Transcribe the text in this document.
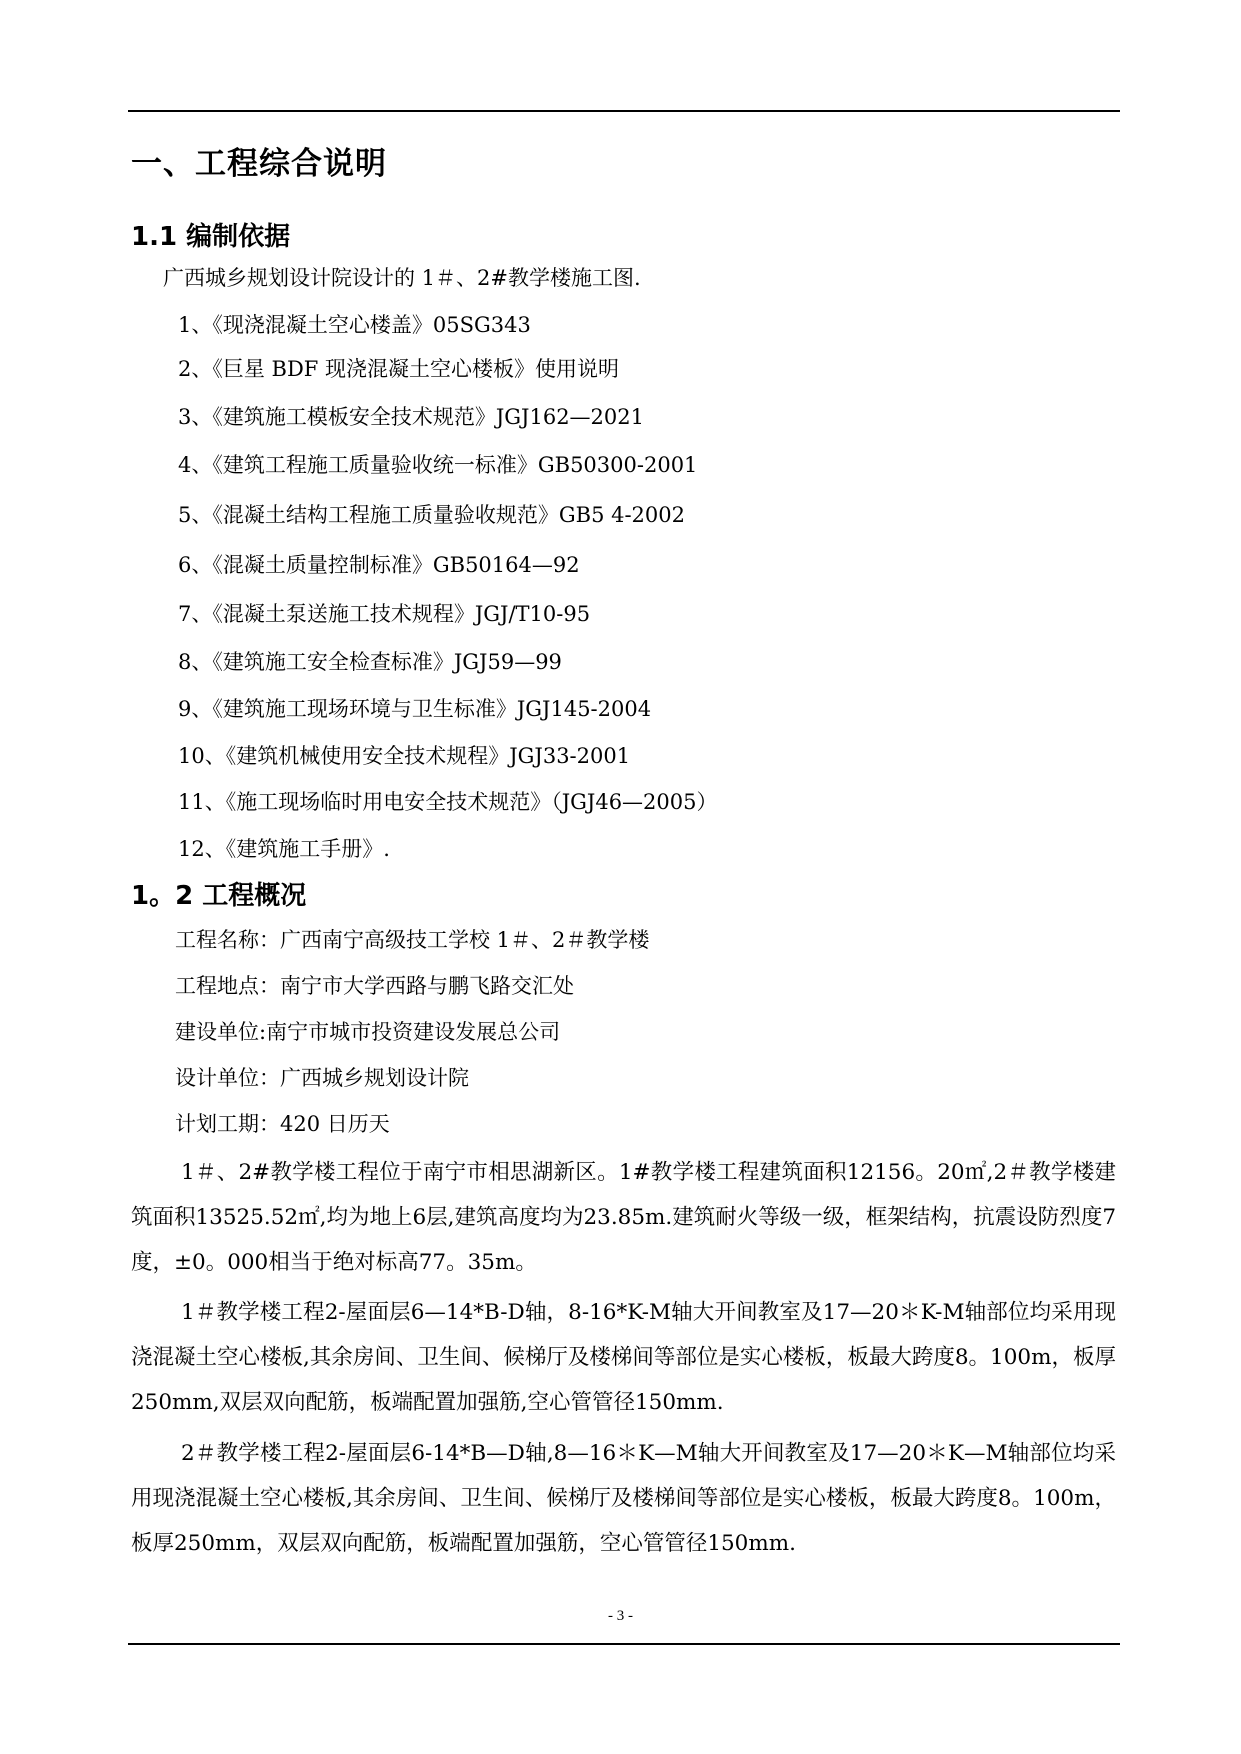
一、工程综合说明
1.1 编制依据
广西城乡规划设计院设计的 1＃、2#教学楼施工图.
1、《现浇混凝土空心楼盖》05SG343
2、《巨星 BDF 现浇混凝土空心楼板》使用说明
3、《建筑施工模板安全技术规范》JGJ162—2021
4、《建筑工程施工质量验收统一标准》GB50300-2001
5、《混凝土结构工程施工质量验收规范》GB5 4-2002
6、《混凝土质量控制标准》GB50164—92
7、《混凝土泵送施工技术规程》JGJ/T10-95
8、《建筑施工安全检查标准》JGJ59—99
9、《建筑施工现场环境与卫生标准》JGJ145-2004
10、《建筑机械使用安全技术规程》JGJ33-2001
11、《施工现场临时用电安全技术规范》（JGJ46—2005）
12、《建筑施工手册》.
1。2 工程概况
工程名称：广西南宁高级技工学校 1＃、2＃教学楼
工程地点：南宁市大学西路与鹏飞路交汇处
建设单位:南宁市城市投资建设发展总公司
设计单位：广西城乡规划设计院
计划工期：420 日历天
1＃、2#教学楼工程位于南宁市相思湖新区。1#教学楼工程建筑面积12156。20㎡,2＃教学楼建筑面积13525.52㎡,均为地上6层,建筑高度均为23.85m.建筑耐火等级一级，框架结构，抗震设防烈度7度，±0。000相当于绝对标高77。35m。
1＃教学楼工程2-屋面层6—14*B-D轴，8-16*K-M轴大开间教室及17—20＊K-M轴部位均采用现浇混凝土空心楼板,其余房间、卫生间、候梯厅及楼梯间等部位是实心楼板，板最大跨度8。100m，板厚250mm,双层双向配筋，板端配置加强筋,空心管管径150mm.
2＃教学楼工程2-屋面层6-14*B—D轴,8—16＊K—M轴大开间教室及17—20＊K—M轴部位均采用现浇混凝土空心楼板,其余房间、卫生间、候梯厅及楼梯间等部位是实心楼板，板最大跨度8。100m，板厚250mm，双层双向配筋，板端配置加强筋，空心管管径150mm.
- 3 -
